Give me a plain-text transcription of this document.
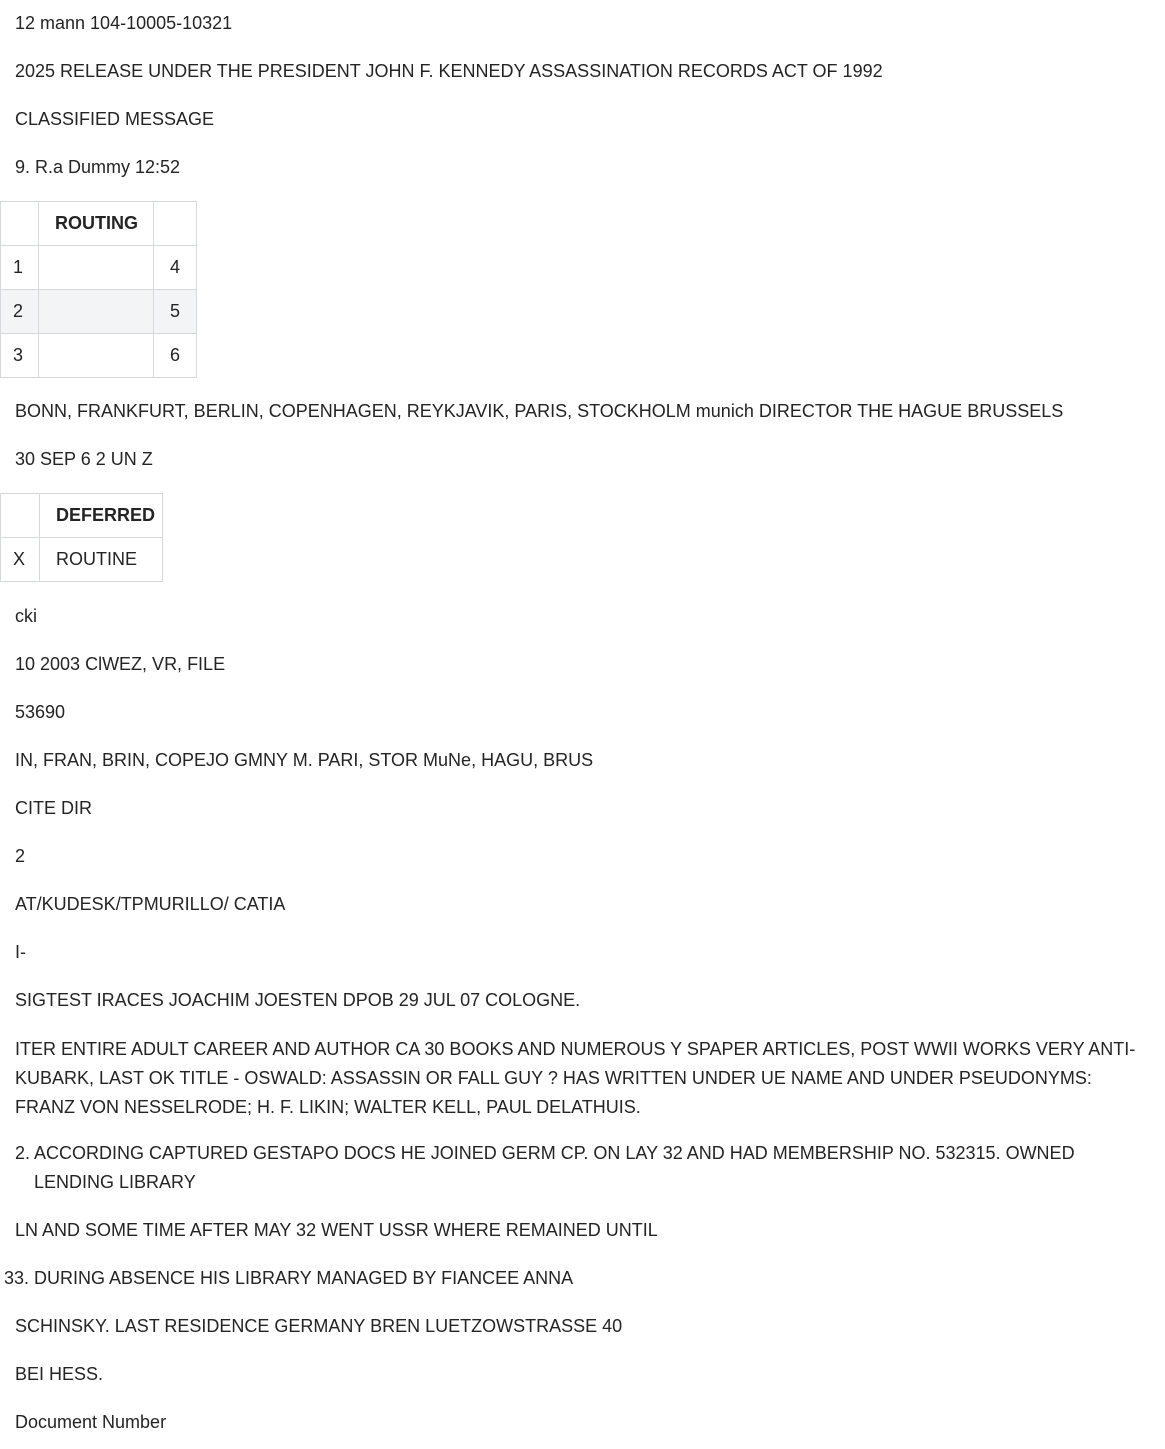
12 mann 104-10005-10321

2025 RELEASE UNDER THE PRESIDENT JOHN F. KENNEDY ASSASSINATION RECORDS ACT OF 1992

CLASSIFIED MESSAGE

9. R.a Dummy 12:52

	ROUTING	
1		4
2		5
3		6

BONN, FRANKFURT, BERLIN, COPENHAGEN, REYKJAVIK, PARIS, STOCKHOLM munich DIRECTOR THE HAGUE BRUSSELS

30 SEP 6 2 UN Z

	DEFERRED
X	ROUTINE

cki

10 2003 ClWEZ, VR, FILE

53690

IN, FRAN, BRIN, COPEJO GMNY M. PARI, STOR MuNe, HAGU, BRUS

CITE DIR

2

AT/KUDESK/TPMURILLO/ CATIA

I-

SIGTEST IRACES JOACHIM JOESTEN DPOB 29 JUL 07 COLOGNE.

ITER ENTIRE ADULT CAREER AND AUTHOR CA 30 BOOKS AND NUMEROUS Y SPAPER ARTICLES, POST WWII WORKS VERY ANTI-KUBARK, LAST OK TITLE - OSWALD: ASSASSIN OR FALL GUY ? HAS WRITTEN UNDER UE NAME AND UNDER PSEUDONYMS: FRANZ VON NESSELRODE; H. F. LIKIN; WALTER KELL, PAUL DELATHUIS.

2. ACCORDING CAPTURED GESTAPO DOCS HE JOINED GERM CP. ON LAY 32 AND HAD MEMBERSHIP NO. 532315. OWNED LENDING LIBRARY

LN AND SOME TIME AFTER MAY 32 WENT USSR WHERE REMAINED UNTIL

33. DURING ABSENCE HIS LIBRARY MANAGED BY FIANCEE ANNA

SCHINSKY. LAST RESIDENCE GERMANY BREN LUETZOWSTRASSE 40

BEI HESS.

Document Number
